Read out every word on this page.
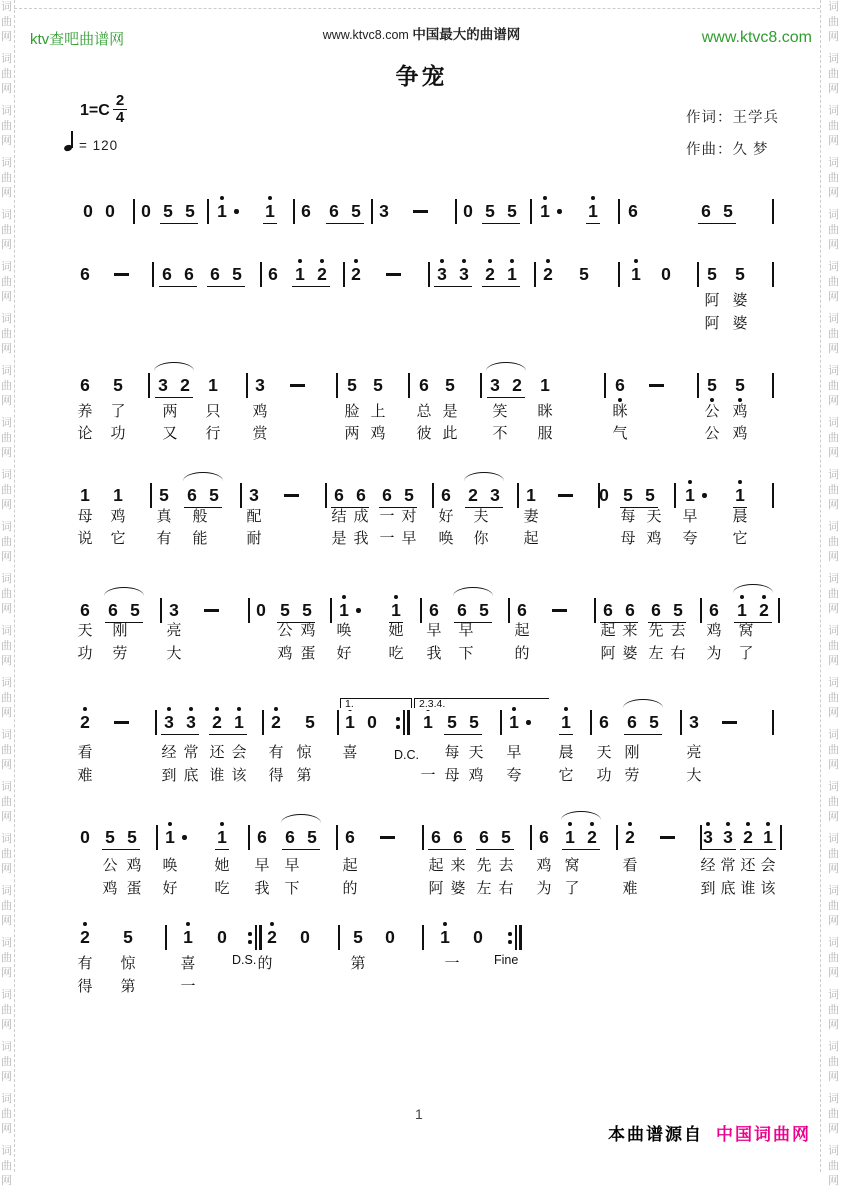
词
曲
网
词
曲
网
词
曲
网
词
曲
网
词
曲
网
词
曲
网
词
曲
网
词
曲
网
词
曲
网
词
曲
网
词
曲
网
词
曲
网
词
曲
网
词
曲
网
词
曲
网
词
曲
网
词
曲
网
词
曲
网
词
曲
网
词
曲
网
词
曲
网
词
曲
网
词
曲
网
词
曲
网
词
曲
网
词
曲
网
词
曲
网
词
曲
网
词
曲
网
词
曲
网
词
曲
网
词
曲
网
词
曲
网
词
曲
网
词
曲
网
词
曲
网
词
曲
网
词
曲
网
词
曲
网
词
曲
网
词
曲
网
词
曲
网
词
曲
网
词
曲
网
词
曲
网
词
曲
网
ktv查吧曲谱网	www.ktvc8.com 中国最大的曲谱网	www.ktvc8.com
争宠
1=C
2
4
= 120
作词：王学兵
作曲：久 梦
0 0 0 5 5 1 1 6 6 5 3	0 5 5 1 1 6	6 5
6	6 6 6 5 6 1 2 2	3 3 2 1 2 5 1 0 5 5
阿 婆
阿 婆
6 5 3 2 1 3	5 5 6 5 3 2 1	6	5 5
养 了 两 只 鸡	脸 上 总 是 笑 眯	眯	公 鸡
论 功 又 行 赏	两 鸡 彼 此 不 服	气	公 鸡
1 1 5 6 5 3	6 6 6 5 6 2 3 1	0 5 5 1 1
母 鸡 真 般	配	结 成 一 对 好 夫 妻	每 天 早 晨
说 它 有 能	耐	是 我 一 早 唤 你 起	母 鸡 夸 它
6 6 5 3	0 5 5 1 1 6 6 5 6	6 6 6 5 6 1 2
天 刚	亮	公 鸡 唤 她 早 早	起	起 来 先 去 鸡 窝
功 劳	大	鸡 蛋 好 吃 我 下	的	阿 婆 左 右 为 了
2	3 3 2 1 2 5 1 0	1 5 5 1 1 6 6 5 3
1.	2.3.4.
D.C.
看	经 常 还 会 有 惊 喜	每 天 早 晨 天 刚	亮
难	到 底 谁 该 得 第	一 母 鸡 夸 它 功 劳	大
0 5 5 1 1 6 6 5 6	6 6 6 5 6 1 2 2	3 3 2 1
公 鸡 唤 她 早 早	起	起 来 先 去 鸡 窝	看	经 常 还 会
鸡 蛋 好 吃 我 下	的	阿 婆 左 右 为 了	难	到 底 谁 该
2 5	1 0 2 0 5 0	1 0
D.S.	Fine
有 惊	喜	的	第	一
得 第	一
1
本曲谱源自 中国词曲网
